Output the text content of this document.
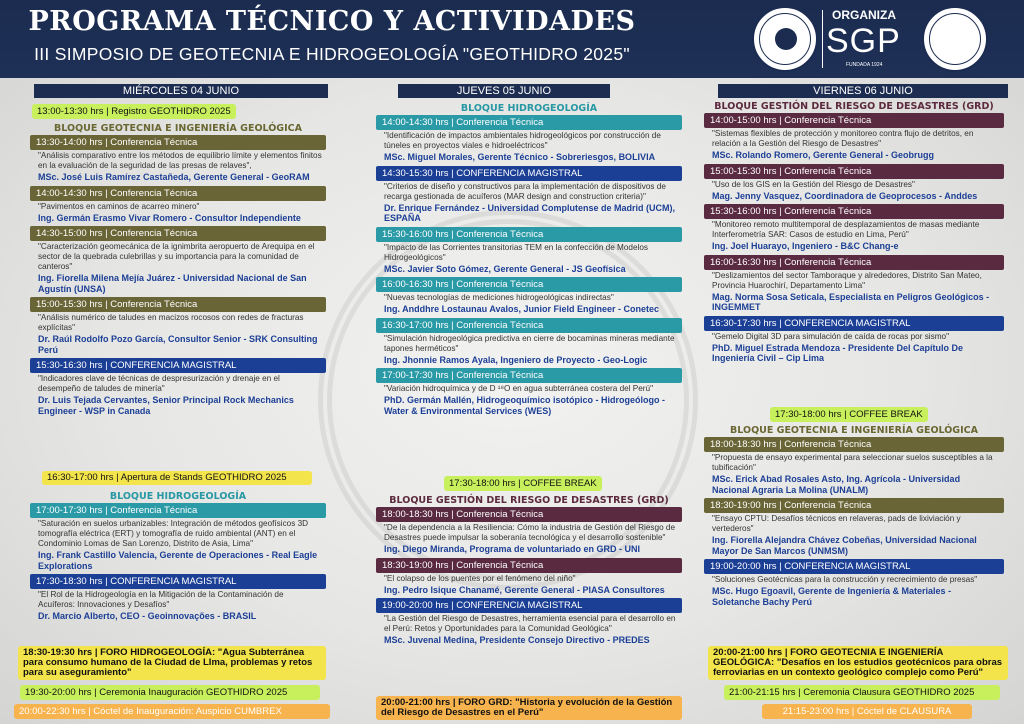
PROGRAMA TÉCNICO Y ACTIVIDADES
III SIMPOSIO DE GEOTECNIA E HIDROGEOLOGÍA "GEOTHIDRO 2025"
ORGANIZA
SGP
FUNDADA 1924
MIÉRCOLES 04 JUNIO
13:00-13:30 hrs | Registro GEOTHIDRO 2025
BLOQUE GEOTECNIA E INGENIERÍA GEOLÓGICA
13:30-14:00 hrs | Conferencia Técnica
"Análisis comparativo entre los métodos de equilibrio límite y elementos finitos en la evaluación de la seguridad de las presas de relaves",
MSc. José Luis Ramírez Castañeda, Gerente General - GeoRAM
14:00-14:30 hrs | Conferencia Técnica
"Pavimentos en caminos de acarreo minero"
Ing. Germán Erasmo Vivar Romero - Consultor Independiente
14:30-15:00 hrs | Conferencia Técnica
"Caracterización geomecánica de la ignimbrita aeropuerto de Arequipa en el sector de la quebrada culebrillas y su importancia para la comunidad de canteros"
Ing. Fiorella Milena Mejía Juárez - Universidad Nacional de San Agustín (UNSA)
15:00-15:30 hrs | Conferencia Técnica
"Análisis numérico de taludes en macizos rocosos con redes de fracturas explícitas"
Dr. Raúl Rodolfo Pozo García, Consultor Senior - SRK Consulting Perú
15:30-16:30 hrs | CONFERENCIA MAGISTRAL
"Indicadores clave de técnicas de despresurización y drenaje en el desempeño de taludes de minería"
Dr. Luis Tejada Cervantes, Senior Principal Rock Mechanics Engineer - WSP in Canada
16:30-17:00 hrs | Apertura de Stands GEOTHIDRO 2025
BLOQUE HIDROGEOLOGÍA
17:00-17:30 hrs | Conferencia Técnica
"Saturación en suelos urbanizables: Integración de métodos geofísicos 3D tomografía eléctrica (ERT) y tomografía de ruido ambiental (ANT) en el Condominio Lomas de San Lorenzo, Distrito de Asia, Lima"
Ing. Frank Castillo Valencia, Gerente de Operaciones - Real Eagle Explorations
17:30-18:30 hrs | CONFERENCIA MAGISTRAL
"El Rol de la Hidrogeología en la Mitigación de la Contaminación de Acuíferos: Innovaciones y Desafíos"
Dr. Marcio Alberto, CEO - Geoinnovações - BRASIL
18:30-19:30 hrs | FORO HIDROGEOLOGÍA: "Agua Subterránea para consumo humano de la Ciudad de LIma, problemas y retos para su aseguramiento"
19:30-20:00 hrs | Ceremonia Inauguración GEOTHIDRO 2025
20:00-22:30 hrs | Cóctel de Inauguración: Auspicio CUMBREX
JUEVES 05 JUNIO
BLOQUE HIDROGEOLOGÍA
14:00-14:30 hrs | Conferencia Técnica
"Identificación de impactos ambientales hidrogeológicos por construcción de túneles en proyectos viales e hidroeléctricos"
MSc. Miguel Morales, Gerente Técnico - Sobreriesgos, BOLIVIA
14:30-15:30 hrs | CONFERENCIA MAGISTRAL
"Criterios de diseño y constructivos para la implementación de dispositivos de recarga gestionada de acuíferos (MAR design and construction criteria)"
Dr. Enrique Fernández - Universidad Complutense de Madrid (UCM), ESPAÑA
15:30-16:00 hrs | Conferencia Técnica
"Impacto de las Corrientes transitorias TEM en la confección de Modelos Hidrogeológicos"
MSc. Javier Soto Gómez, Gerente General - JS Geofísica
16:00-16:30 hrs | Conferencia Técnica
"Nuevas tecnologías de mediciones hidrogeológicas indirectas"
Ing. Anddhre Lostaunau Avalos, Junior Field Engineer - Conetec
16:30-17:00 hrs | Conferencia Técnica
"Simulación hidrogeológica predictiva en cierre de bocaminas mineras mediante tapones herméticos"
Ing. Jhonnie Ramos Ayala, Ingeniero de Proyecto - Geo-Logic
17:00-17:30 hrs | Conferencia Técnica
"Variación hidroquímica y de D ¹⁸O en agua subterránea costera del Perú"
PhD. Germán Mallén, Hidrogeoquímico isotópico - Hidrogeólogo - Water & Environmental Services (WES)
17:30-18:00 hrs | COFFEE BREAK
BLOQUE GESTIÓN DEL RIESGO DE DESASTRES (GRD)
18:00-18:30 hrs | Conferencia Técnica
"De la dependencia a la Resiliencia: Cómo la industria de Gestión del Riesgo de Desastres puede impulsar la soberanía tecnológica y el desarrollo sostenible"
Ing. Diego Miranda, Programa de voluntariado en GRD - UNI
18:30-19:00 hrs | Conferencia Técnica
"El colapso de los puentes por el fenómeno del niño"
Ing. Pedro Isique Chanamé, Gerente General - PIASA Consultores
19:00-20:00 hrs | CONFERENCIA MAGISTRAL
"La Gestión del Riesgo de Desastres, herramienta esencial para el desarrollo en el Perú: Retos y Oportunidades para la Comunidad Geológica"
MSc. Juvenal Medina, Presidente Consejo Directivo - PREDES
20:00-21:00 hrs | FORO GRD: "Historia y evolución de la Gestión del Riesgo de Desastres en el Perú"
VIERNES 06 JUNIO
BLOQUE GESTIÓN DEL RIESGO DE DESASTRES (GRD)
14:00-15:00 hrs | Conferencia Técnica
"Sistemas flexibles de protección y monitoreo contra flujo de detritos, en relación a la Gestión del Riesgo de Desastres"
MSc. Rolando Romero, Gerente General - Geobrugg
15:00-15:30 hrs | Conferencia Técnica
"Uso de los GIS en la Gestión del Riesgo de Desastres"
Mag. Jenny Vasquez, Coordinadora de Geoprocesos - Anddes
15:30-16:00 hrs | Conferencia Técnica
"Monitoreo remoto multitemporal de desplazamientos de masas mediante Interferometría SAR: Casos de estudio en Lima, Perú"
Ing. Joel Huarayo, Ingeniero - B&C Chang-e
16:00-16:30 hrs | Conferencia Técnica
"Deslizamientos del sector Tamboraque y alrededores, Distrito San Mateo, Provincia Huarochirí, Departamento Lima"
Mag. Norma Sosa Seticala, Especialista en Peligros Geológicos - INGEMMET
16:30-17:30 hrs | CONFERENCIA MAGISTRAL
"Gemelo Digital 3D para simulación de caída de rocas por sismo"
PhD. Miguel Estrada Mendoza - Presidente Del Capítulo De Ingeniería Civil – Cip Lima
17:30-18:00 hrs | COFFEE BREAK
BLOQUE GEOTECNIA E INGENIERÍA GEOLÓGICA
18:00-18:30 hrs | Conferencia Técnica
"Propuesta de ensayo experimental para seleccionar suelos susceptibles a la tubificación"
MSc. Erick Abad Rosales Asto, Ing. Agrícola - Universidad Nacional Agraria La Molina (UNALM)
18:30-19:00 hrs | Conferencia Técnica
"Ensayo CPTU: Desafíos técnicos en relaveras, pads de lixiviación y vertederos"
Ing. Fiorella Alejandra Chávez Cobeñas, Universidad Nacional Mayor De San Marcos (UNMSM)
19:00-20:00 hrs | CONFERENCIA MAGISTRAL
"Soluciones Geotécnicas para la construcción y recrecimiento de presas"
MSc. Hugo Egoavil, Gerente de Ingeniería & Materiales - Soletanche Bachy Perú
20:00-21:00 hrs | FORO GEOTECNIA E INGENIERÍA GEOLÓGICA: "Desafíos en los estudios geotécnicos para obras ferroviarias en un contexto geológico complejo como Perú"
21:00-21:15 hrs | Ceremonia Clausura GEOTHIDRO 2025
21:15-23:00 hrs | Cóctel de CLAUSURA
